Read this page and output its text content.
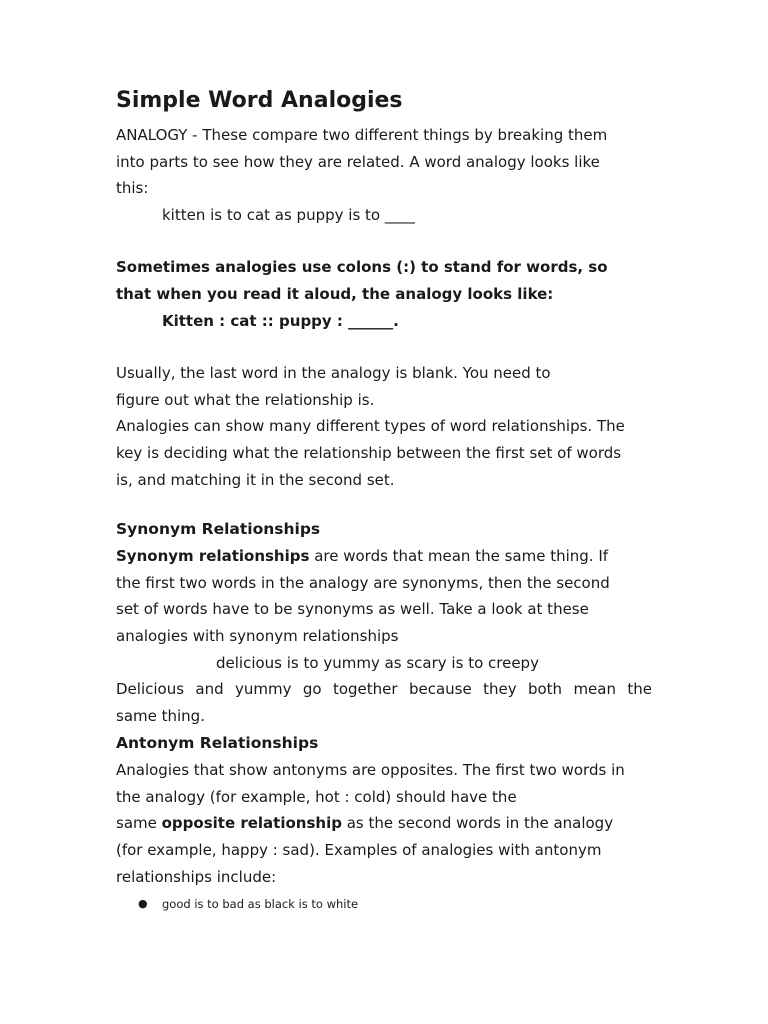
Simple Word Analogies

ANALOGY - These compare two different things by breaking them

into parts to see how they are related. A word analogy looks like

this:

kitten is to cat as puppy is to ____

Sometimes analogies use colons (:) to stand for words, so

that when you read it aloud, the analogy looks like:

Kitten : cat :: puppy : ______.

Usually, the last word in the analogy is blank. You need to

figure out what the relationship is.

Analogies can show many different types of word relationships. The

key is deciding what the relationship between the first set of words

is, and matching it in the second set.

Synonym Relationships

Synonym relationships are words that mean the same thing. If

the first two words in the analogy are synonyms, then the second

set of words have to be synonyms as well. Take a look at these

analogies with synonym relationships

delicious is to yummy as scary is to creepy

Delicious and yummy go together because they both mean the

same thing.

Antonym Relationships

Analogies that show antonyms are opposites. The first two words in

the analogy (for example, hot : cold) should have the

same opposite relationship as the second words in the analogy

(for example, happy : sad). Examples of analogies with antonym

relationships include:

● good is to bad as black is to white
